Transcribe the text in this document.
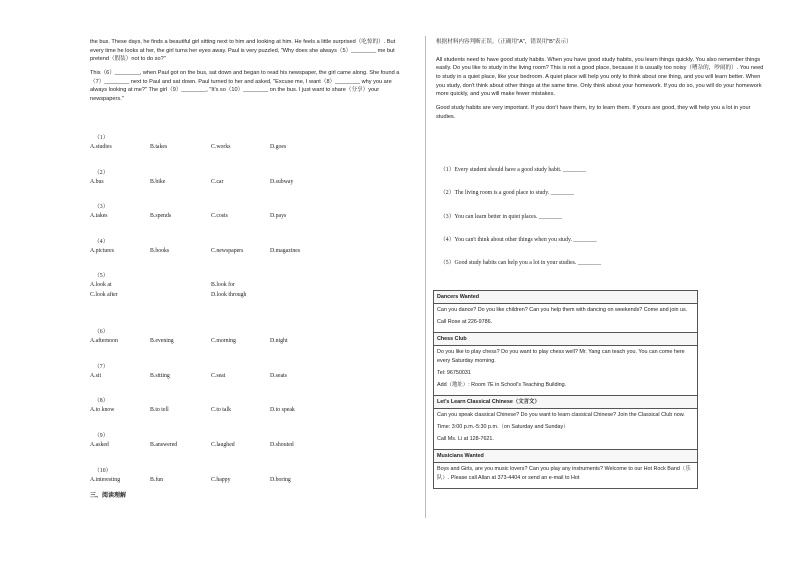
the bus. These days, he finds a beautiful girl sitting next to him and looking at him. He feels a little surprised（吃惊的）. But every time he looks at her, the girl turns her eyes away. Paul is very puzzled, "Why does she always（5）________ me but pretend（假装）not to do so?"

This（6）________, when Paul got on the bus, sat down and began to read his newspaper, the girl came along. She found a（7）________ next to Paul and sat down. Paul turned to her and asked, "Excuse me, I want（8）________ why you are always looking at me?" The girl（9）________, "It's so（10）________ on the bus. I just want to share（分享）your newspapers."

（1）
A.studies	B.takes	C.works	D.goes
（2）
A.bus	B.bike	C.car	D.subway
（3）
A.takes	B.spends	C.costs	D.pays
（4）
A.pictures	B.books	C.newspapers	D.magazines
（5）
A.look at	B.look for
C.look after	D.look through
（6）
A.afternoon	B.evening	C.morning	D.night
（7）
A.sit	B.sitting	C.seat	D.seats
（8）
A.to know	B.to tell	C.to talk	D.to speak
（9）
A.asked	B.answered	C.laughed	D.shouted
（10）
A.interesting	B.fun	C.happy	D.boring
三、阅读理解

根据材料内容判断正误。（正确用"A"，错误用"B"表示）

All students need to have good study habits. When you have good study habits, you learn things quickly. You also remember things easily. Do you like to study in the living room? This is not a good place, because it is usually too noisy（嘈杂的，吵闹的）. You need to study in a quiet place, like your bedroom. A quiet place will help you only to think about one thing, and you will learn better. When you study, don't think about other things at the same time. Only think about your homework. If you do so, you will do your homework more quickly, and you will make fewer mistakes.

Good study habits are very important. If you don't have them, try to learn them. If yours are good, they will help you a lot in your studies.

（1）Every student should have a good study habit. ________
（2）The living room is a good place to study. ________
（3）You can learn better in quiet places. ________
（4）You can't think about other things when you study. ________
（5）Good study habits can help you a lot in your studies. ________
Dancers Wanted

Can you dance? Do you like children? Can you help them with dancing on weekends? Come and join us.

Call Rose at 226-9786.

Chess Club

Do you like to play chess? Do you want to play chess well? Mr. Yang can teach you. You can come here every Saturday morning.

Tel: 96750031

Add（地址）: Room 7E in School's Teaching Building.

Let's Learn Classical Chinese（文言文）

Can you speak classical Chinese? Do you want to learn classical Chinese? Join the Classical Club now.

Time: 3:00 p.m.-5:30 p.m.（on Saturday and Sunday）

Call Ms. Li at 128-7621.

Musicians Wanted

Boys and Girls, are you music lovers? Can you play any instruments? Welcome to our Hot Rock Band（乐队）. Please call Allan at 373-4404 or send an e-mail to Hot
